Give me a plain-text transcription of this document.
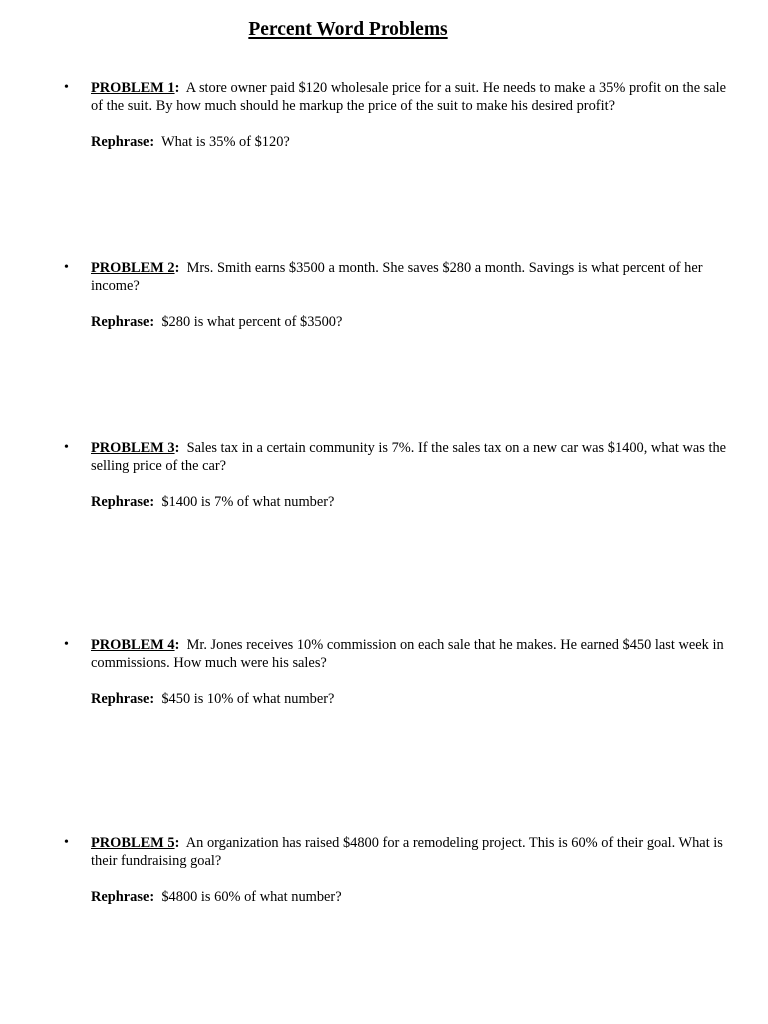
Percent Word Problems
• PROBLEM 1: A store owner paid $120 wholesale price for a suit. He needs to make a 35% profit on the sale of the suit. By how much should he markup the price of the suit to make his desired profit?
Rephrase: What is 35% of $120?
• PROBLEM 2: Mrs. Smith earns $3500 a month. She saves $280 a month. Savings is what percent of her income?
Rephrase: $280 is what percent of $3500?
• PROBLEM 3: Sales tax in a certain community is 7%. If the sales tax on a new car was $1400, what was the selling price of the car?
Rephrase: $1400 is 7% of what number?
• PROBLEM 4: Mr. Jones receives 10% commission on each sale that he makes. He earned $450 last week in commissions. How much were his sales?
Rephrase: $450 is 10% of what number?
• PROBLEM 5: An organization has raised $4800 for a remodeling project. This is 60% of their goal. What is their fundraising goal?
Rephrase: $4800 is 60% of what number?
